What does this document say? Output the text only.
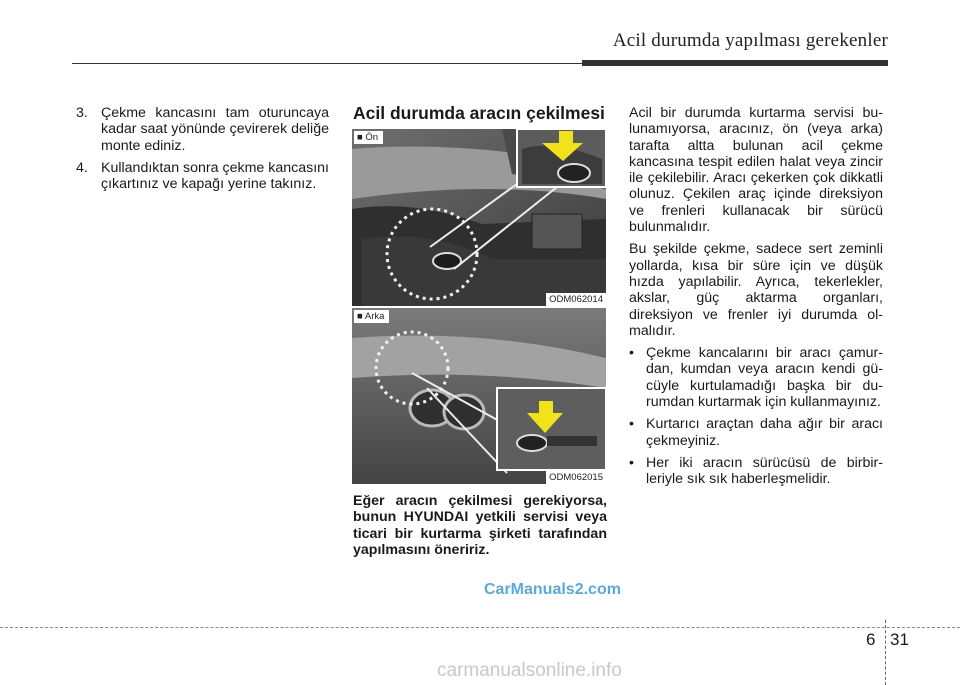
Acil durumda yapılması gerekenler

3. Çekme kancasını tam oturuncaya kadar saat yönünde çevirerek deliğe monte ediniz.

4. Kullandıktan sonra çekme kancasını çıkartınız ve kapağı yerine takınız.

Acil durumda aracın çekilmesi
■ Ön
ODM062014
■ Arka
ODM062015
Eğer aracın çekilmesi gerekiyorsa, bunun HYUNDAI yetkili servisi veya ticari bir kurtarma şirketi tarafından yapılmasını öneririz.

Acil bir durumda kurtarma servisi bulunamıyorsa, aracınız, ön (veya arka) tarafta altta bulunan acil çekme kancasına tespit edilen halat veya zincir ile çekilebilir. Aracı çekerken çok dikkatli olunuz. Çekilen araç içinde direksiyon ve frenleri kullanacak bir sürücü bulunmalıdır.

Bu şekilde çekme, sadece sert zeminli yollarda, kısa bir süre için ve düşük hızda yapılabilir. Ayrıca, tekerlekler, akslar, güç aktarma organları, direksiyon ve frenler iyi durumda olmalıdır.

• Çekme kancalarını bir aracı çamurdan, kumdan veya aracın kendi gücüyle kurtulamadığı başka bir durumdan kurtarmak için kullanmayınız.
• Kurtarıcı araçtan daha ağır bir aracı çekmeyiniz.
• Her iki aracın sürücüsü de birbirleriyle sık sık haberleşmelidir.
CarManuals2.com
6 31
carmanualsonline.info
